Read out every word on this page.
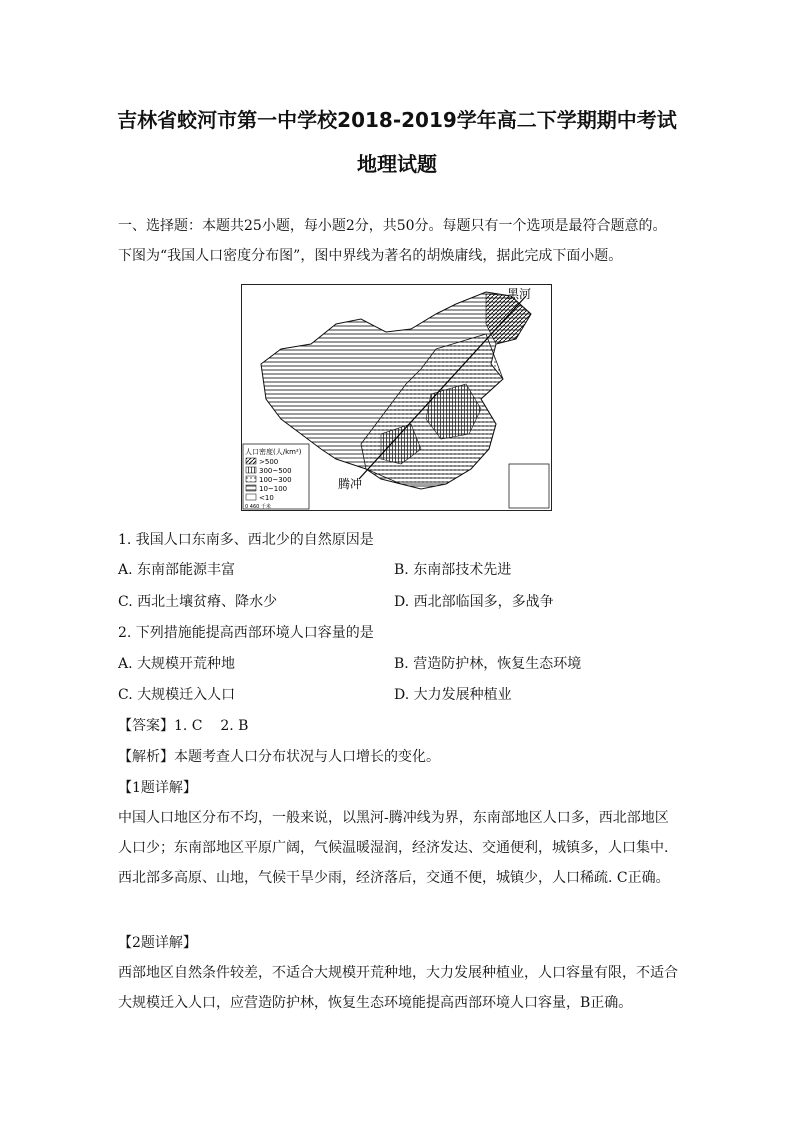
吉林省蛟河市第一中学校2018-2019学年高二下学期期中考试
地理试题
一、选择题：本题共25小题，每小题2分，共50分。每题只有一个选项是最符合题意的。
下图为“我国人口密度分布图”，图中界线为著名的胡焕庸线，据此完成下面小题。
黑河
腾冲
人口密度(人/km²)
>500
300~500
100~300
10~100
<10
0 460 千米
1. 我国人口东南多、西北少的自然原因是
A. 东南部能源丰富	B. 东南部技术先进
C. 西北土壤贫瘠、降水少	D. 西北部临国多，多战争
2. 下列措施能提高西部环境人口容量的是
A. 大规模开荒种地	B. 营造防护林，恢复生态环境
C. 大规模迁入人口	D. 大力发展种植业
【答案】1. C    2. B
【解析】本题考查人口分布状况与人口增长的变化。
【1题详解】
中国人口地区分布不均，一般来说，以黑河-腾冲线为界，东南部地区人口多，西北部地区人口少；东南部地区平原广阔，气候温暖湿润，经济发达、交通便利，城镇多，人口集中. 西北部多高原、山地，气候干旱少雨，经济落后，交通不便，城镇少，人口稀疏. C正确。
【2题详解】
西部地区自然条件较差，不适合大规模开荒种地，大力发展种植业，人口容量有限，不适合大规模迁入人口，应营造防护林，恢复生态环境能提高西部环境人口容量，B正确。
